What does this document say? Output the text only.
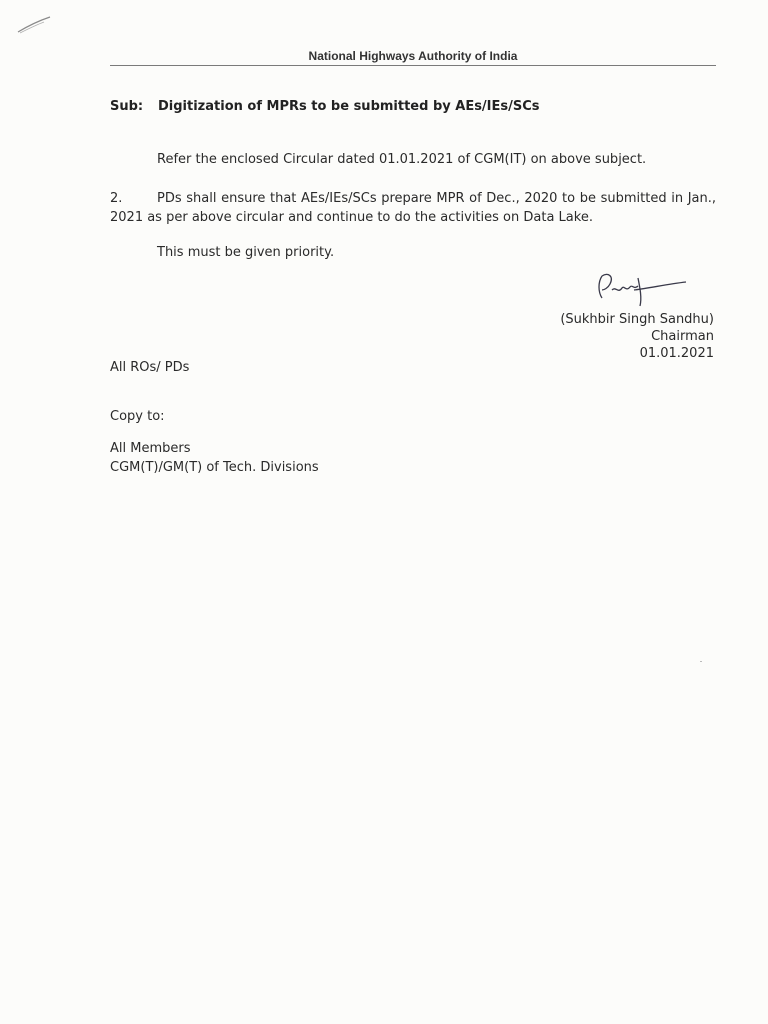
National Highways Authority of India
Sub: Digitization of MPRs to be submitted by AEs/IEs/SCs
Refer the enclosed Circular dated 01.01.2021 of CGM(IT) on above subject.
2.	PDs shall ensure that AEs/IEs/SCs prepare MPR of Dec., 2020 to be submitted in Jan., 2021 as per above circular and continue to do the activities on Data Lake.
This must be given priority.
(Sukhbir Singh Sandhu)
Chairman
01.01.2021
All ROs/ PDs
Copy to:
All Members
CGM(T)/GM(T) of Tech. Divisions
